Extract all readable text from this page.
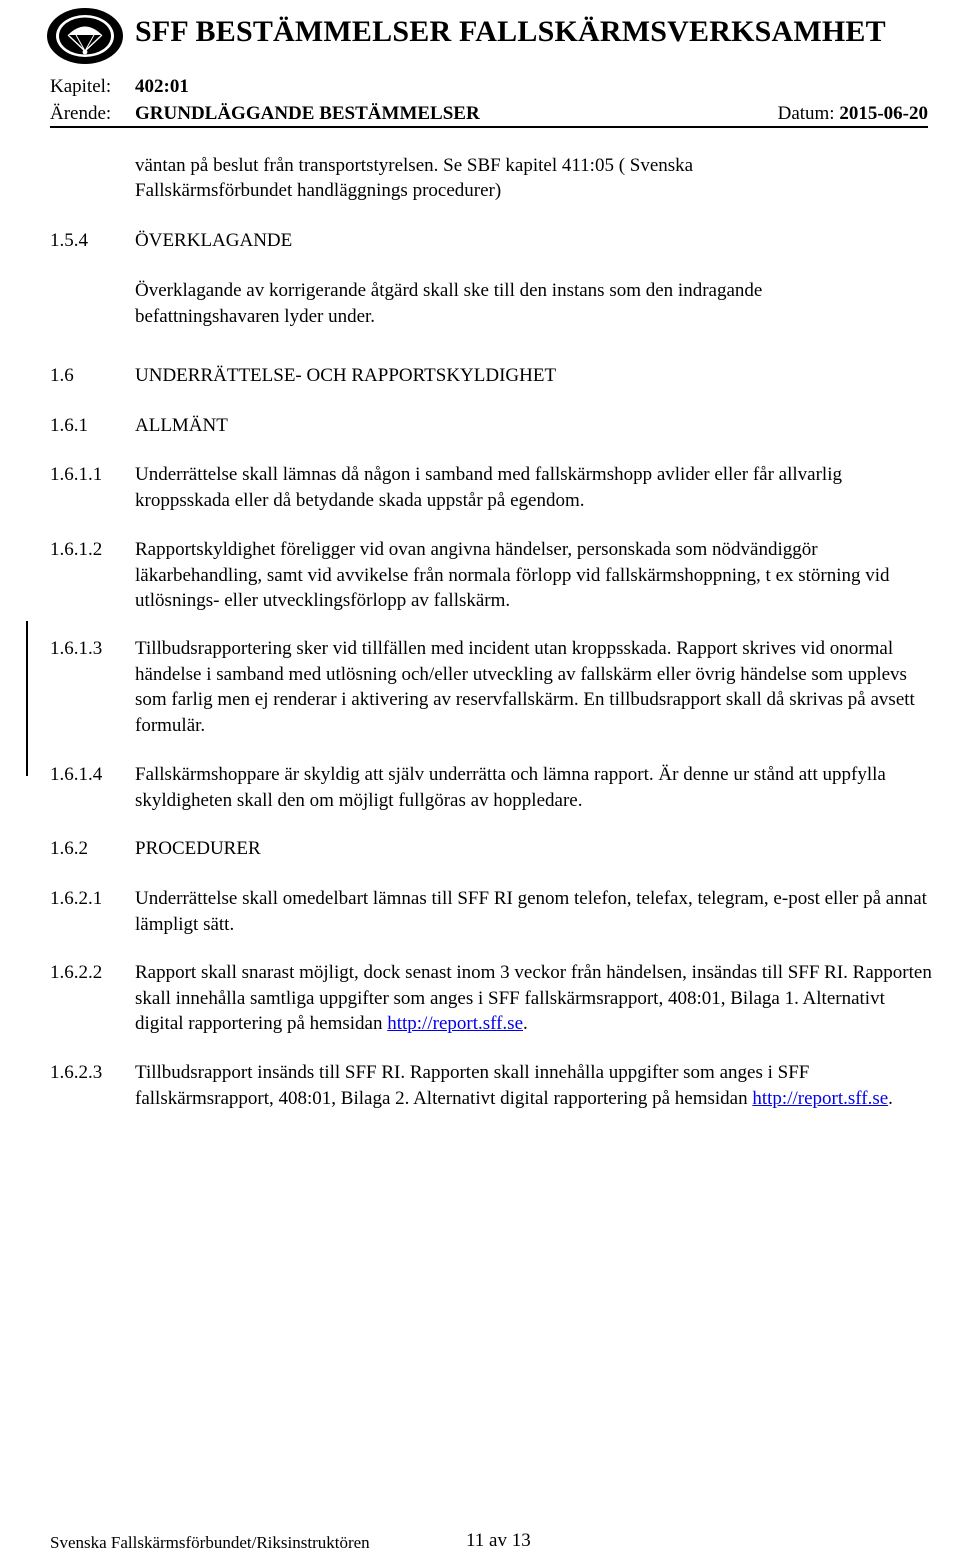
SFF BESTÄMMELSER FALLSKÄRMSVERKSAMHET
Kapitel: 402:01
Ärende: GRUNDLÄGGANDE BESTÄMMELSER	Datum: 2015-06-20
väntan på beslut från transportstyrelsen. Se SBF kapitel 411:05 ( Svenska
Fallskärmsförbundet handläggnings procedurer)
1.5.4 ÖVERKLAGANDE
Överklagande av korrigerande åtgärd skall ske till den instans som den indragande befattningshavaren lyder under.
1.6	UNDERRÄTTELSE- OCH RAPPORTSKYLDIGHET
1.6.1 ALLMÄNT
1.6.1.1 Underrättelse skall lämnas då någon i samband med fallskärmshopp avlider eller får allvarlig kroppsskada eller då betydande skada uppstår på egendom.
1.6.1.2 Rapportskyldighet föreligger vid ovan angivna händelser, personskada som nödvändiggör läkarbehandling, samt vid avvikelse från normala förlopp vid fallskärmshoppning, t ex störning vid utlösnings- eller utvecklingsförlopp av fallskärm.
1.6.1.3 Tillbudsrapportering sker vid tillfällen med incident utan kroppsskada. Rapport skrives vid onormal händelse i samband med utlösning och/eller utveckling av fallskärm eller övrig händelse som upplevs som farlig men ej renderar i aktivering av reservfallskärm. En tillbudsrapport skall då skrivas på avsett formulär.
1.6.1.4 Fallskärmshoppare är skyldig att själv underrätta och lämna rapport. Är denne ur stånd att uppfylla skyldigheten skall den om möjligt fullgöras av hoppledare.
1.6.2 PROCEDURER
1.6.2.1 Underrättelse skall omedelbart lämnas till SFF RI genom telefon, telefax, telegram, e-post eller på annat lämpligt sätt.
1.6.2.2 Rapport skall snarast möjligt, dock senast inom 3 veckor från händelsen, insändas till SFF RI. Rapporten skall innehålla samtliga uppgifter som anges i SFF fallskärmsrapport, 408:01, Bilaga 1. Alternativt digital rapportering på hemsidan http://report.sff.se.
1.6.2.3 Tillbudsrapport insänds till SFF RI. Rapporten skall innehålla uppgifter som anges i SFF fallskärmsrapport, 408:01, Bilaga 2. Alternativt digital rapportering på hemsidan http://report.sff.se.
Svenska Fallskärmsförbundet/Riksinstruktören	11 av 13
